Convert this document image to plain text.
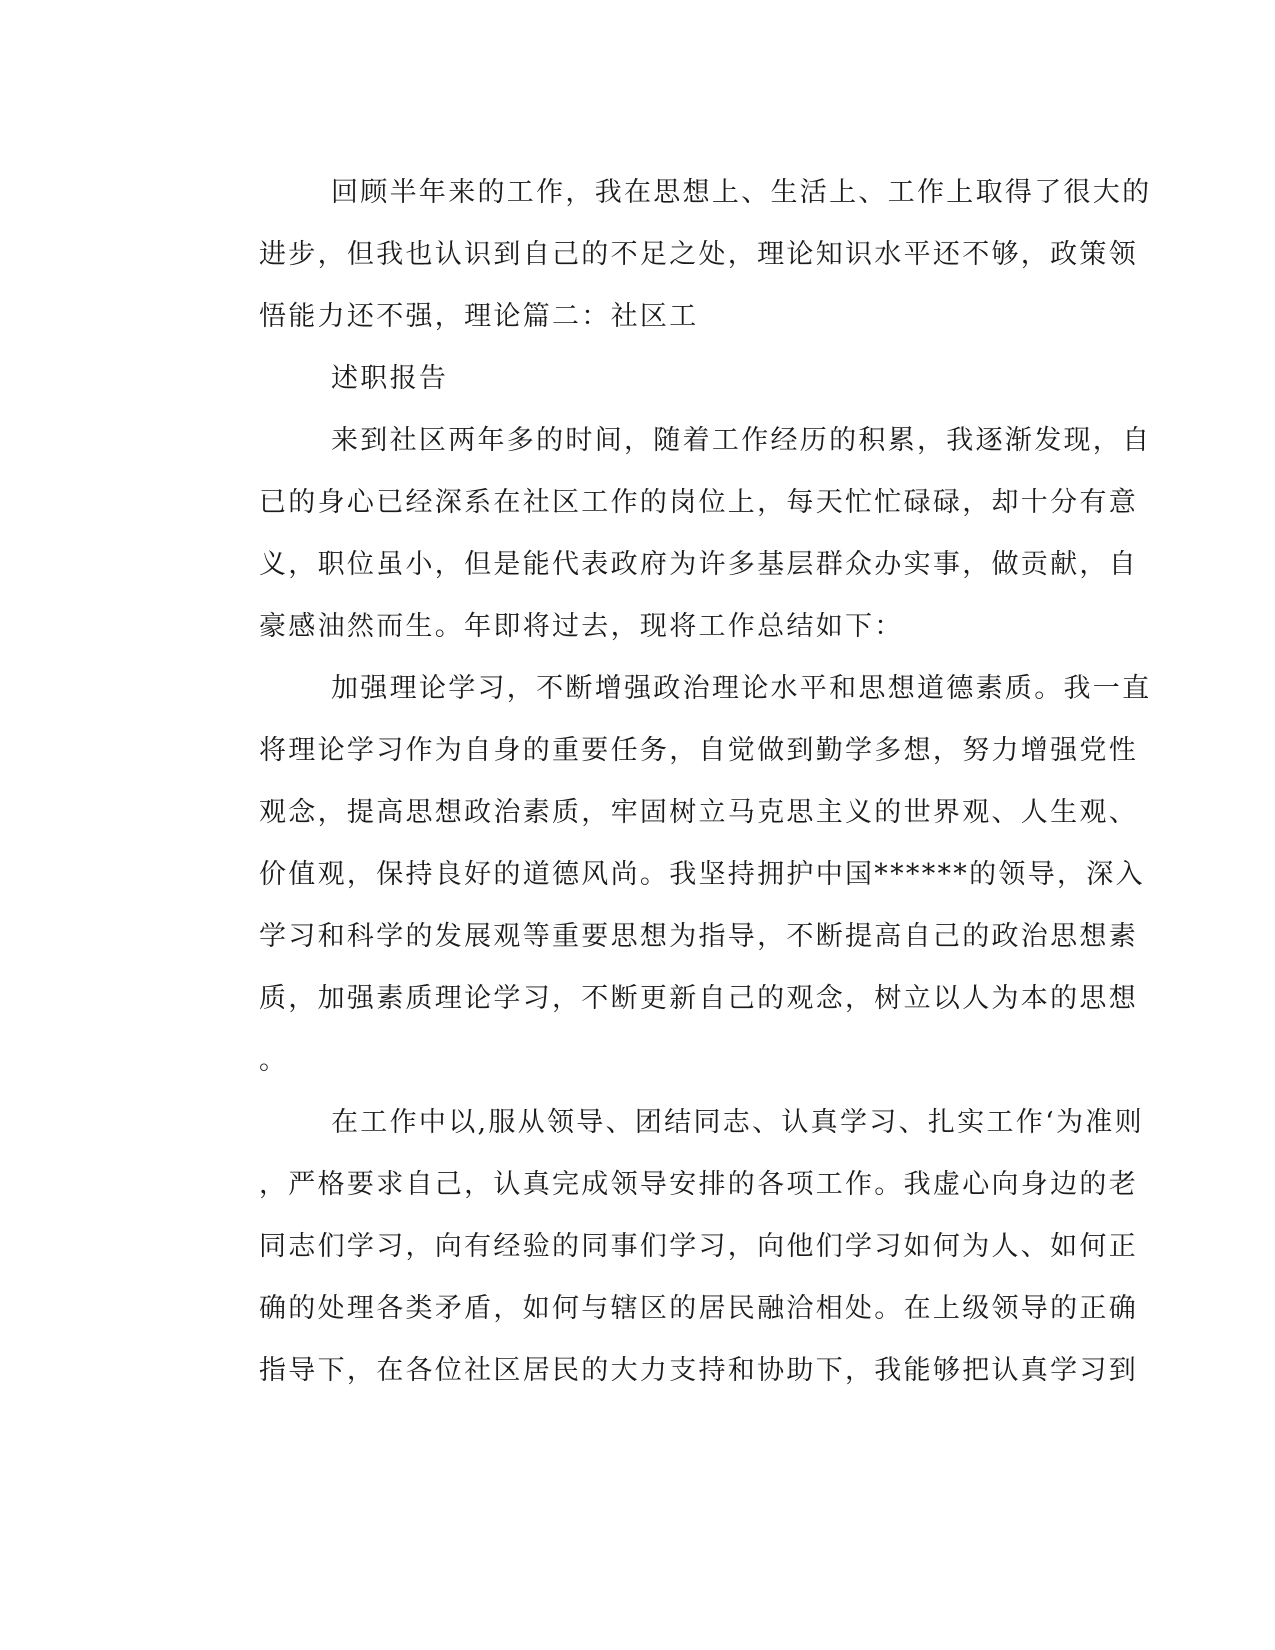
回顾半年来的工作，我在思想上、生活上、工作上取得了很大的
进步，但我也认识到自己的不足之处，理论知识水平还不够，政策领
悟能力还不强，理论篇二：社区工
述职报告
来到社区两年多的时间，随着工作经历的积累，我逐渐发现，自
已的身心已经深系在社区工作的岗位上，每天忙忙碌碌，却十分有意
义，职位虽小，但是能代表政府为许多基层群众办实事，做贡献，自
豪感油然而生。年即将过去，现将工作总结如下：
加强理论学习，不断增强政治理论水平和思想道德素质。我一直
将理论学习作为自身的重要任务，自觉做到勤学多想，努力增强党性
观念，提高思想政治素质，牢固树立马克思主义的世界观、人生观、
价值观，保持良好的道德风尚。我坚持拥护中国******的领导，深入
学习和科学的发展观等重要思想为指导，不断提高自己的政治思想素
质，加强素质理论学习，不断更新自己的观念，树立以人为本的思想
。
在工作中以,服从领导、团结同志、认真学习、扎实工作‘为准则
，严格要求自己，认真完成领导安排的各项工作。我虚心向身边的老
同志们学习，向有经验的同事们学习，向他们学习如何为人、如何正
确的处理各类矛盾，如何与辖区的居民融洽相处。在上级领导的正确
指导下，在各位社区居民的大力支持和协助下，我能够把认真学习到
